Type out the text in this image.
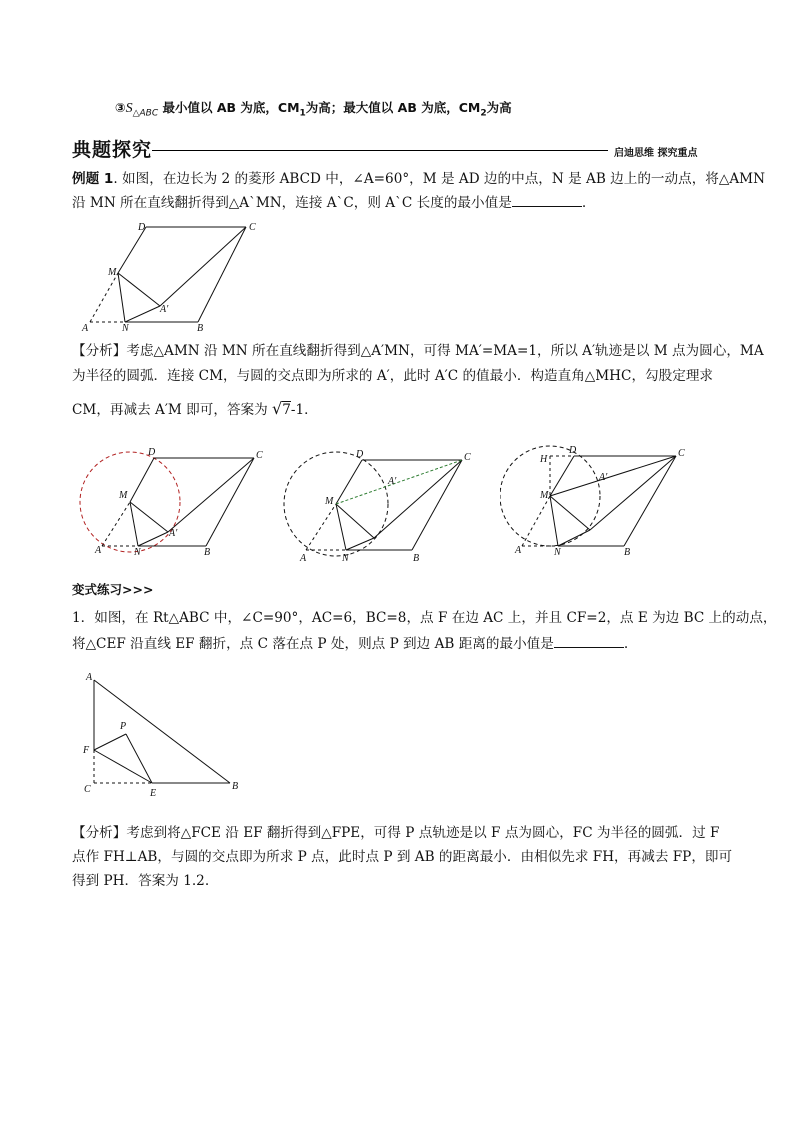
$③S_{\triangle ABC}$ 最小值以 AB 为底，$CM_1$为高；最大值以 AB 为底，$CM_2$为高
典题探究	启迪思维 探究重点
例题 1. 如图，在边长为 2 的菱形 ABCD 中，∠A=60°，M 是 AD 边的中点，N 是 AB 边上的一动点，将△AMN
沿 MN 所在直线翻折得到△A`MN，连接 A`C，则 A`C 长度的最小值是	.
A	N	B
C
D
M
A′
【分析】考虑△AMN 沿 MN 所在直线翻折得到△A′MN，可得 MA′=MA=1，所以 A′轨迹是以 M 点为圆心，MA
为半径的圆弧．连接 CM，与圆的交点即为所求的 A′，此时 A′C 的值最小．构造直角△MHC，勾股定理求
CM，再减去 A′M 即可，答案为 √7-1．
A	N	B
C
D
M
A′
A	N	B
C
D
M
A′
A	N	B
C
D
M
H
A′
变式练习>>>
1．如图，在 Rt△ABC 中，∠C=90°，AC=6，BC=8，点 F 在边 AC 上，并且 CF=2，点 E 为边 BC 上的动点，
将△CEF 沿直线 EF 翻折，点 C 落在点 P 处，则点 P 到边 AB 距离的最小值是	.
A
F
P
C	E
B
【分析】考虑到将△FCE 沿 EF 翻折得到△FPE，可得 P 点轨迹是以 F 点为圆心，FC 为半径的圆弧．过 F
点作 FH⊥AB，与圆的交点即为所求 P 点，此时点 P 到 AB 的距离最小．由相似先求 FH，再减去 FP，即可
得到 PH．答案为 1.2.
